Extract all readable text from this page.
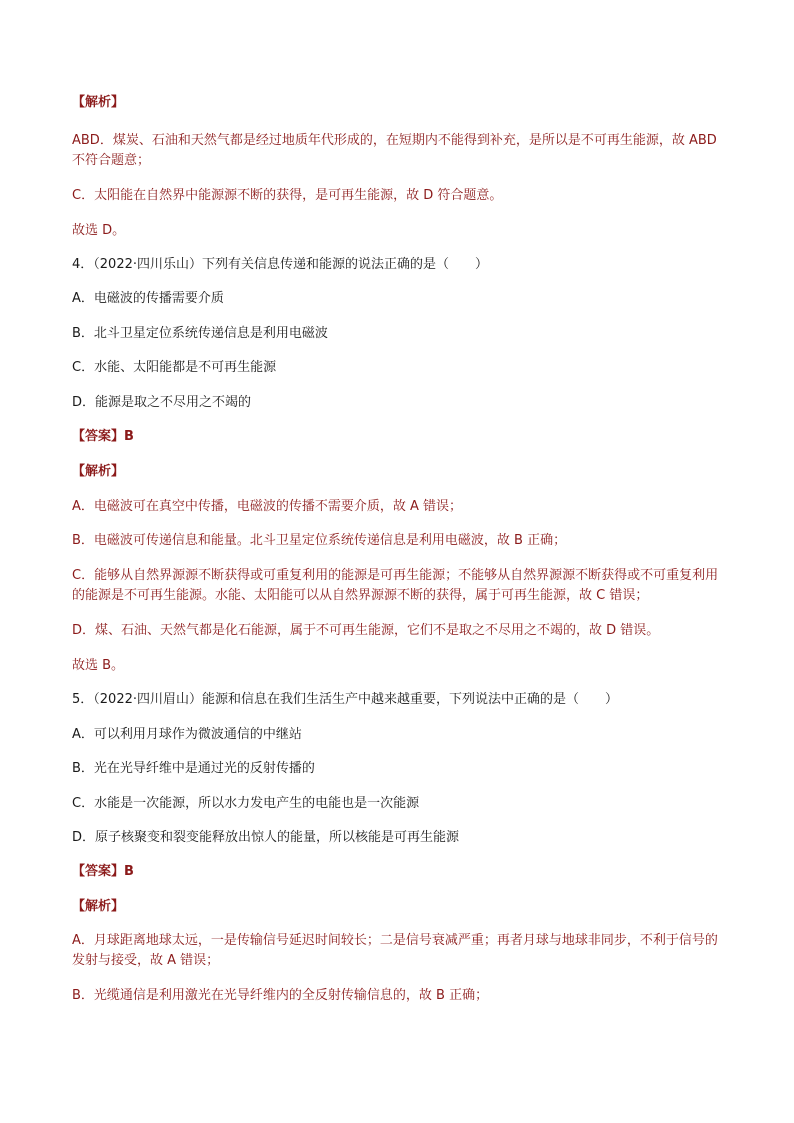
【解析】
ABD．煤炭、石油和天然气都是经过地质年代形成的，在短期内不能得到补充，是所以是不可再生能源，故 ABD 不符合题意；
C．太阳能在自然界中能源源不断的获得，是可再生能源，故 D 符合题意。
故选 D。
4．（2022·四川乐山）下列有关信息传递和能源的说法正确的是（　　）
A．电磁波的传播需要介质
B．北斗卫星定位系统传递信息是利用电磁波
C．水能、太阳能都是不可再生能源
D．能源是取之不尽用之不竭的
【答案】B
【解析】
A．电磁波可在真空中传播，电磁波的传播不需要介质，故 A 错误；
B．电磁波可传递信息和能量。北斗卫星定位系统传递信息是利用电磁波，故 B 正确；
C．能够从自然界源源不断获得或可重复利用的能源是可再生能源；不能够从自然界源源不断获得或不可重复利用的能源是不可再生能源。水能、太阳能可以从自然界源源不断的获得，属于可再生能源，故 C 错误；
D．煤、石油、天然气都是化石能源，属于不可再生能源，它们不是取之不尽用之不竭的，故 D 错误。
故选 B。
5．（2022·四川眉山）能源和信息在我们生活生产中越来越重要，下列说法中正确的是（　　）
A．可以利用月球作为微波通信的中继站
B．光在光导纤维中是通过光的反射传播的
C．水能是一次能源，所以水力发电产生的电能也是一次能源
D．原子核聚变和裂变能释放出惊人的能量，所以核能是可再生能源
【答案】B
【解析】
A．月球距离地球太远，一是传输信号延迟时间较长；二是信号衰减严重；再者月球与地球非同步，不利于信号的发射与接受，故 A 错误；
B．光缆通信是利用激光在光导纤维内的全反射传输信息的，故 B 正确；
